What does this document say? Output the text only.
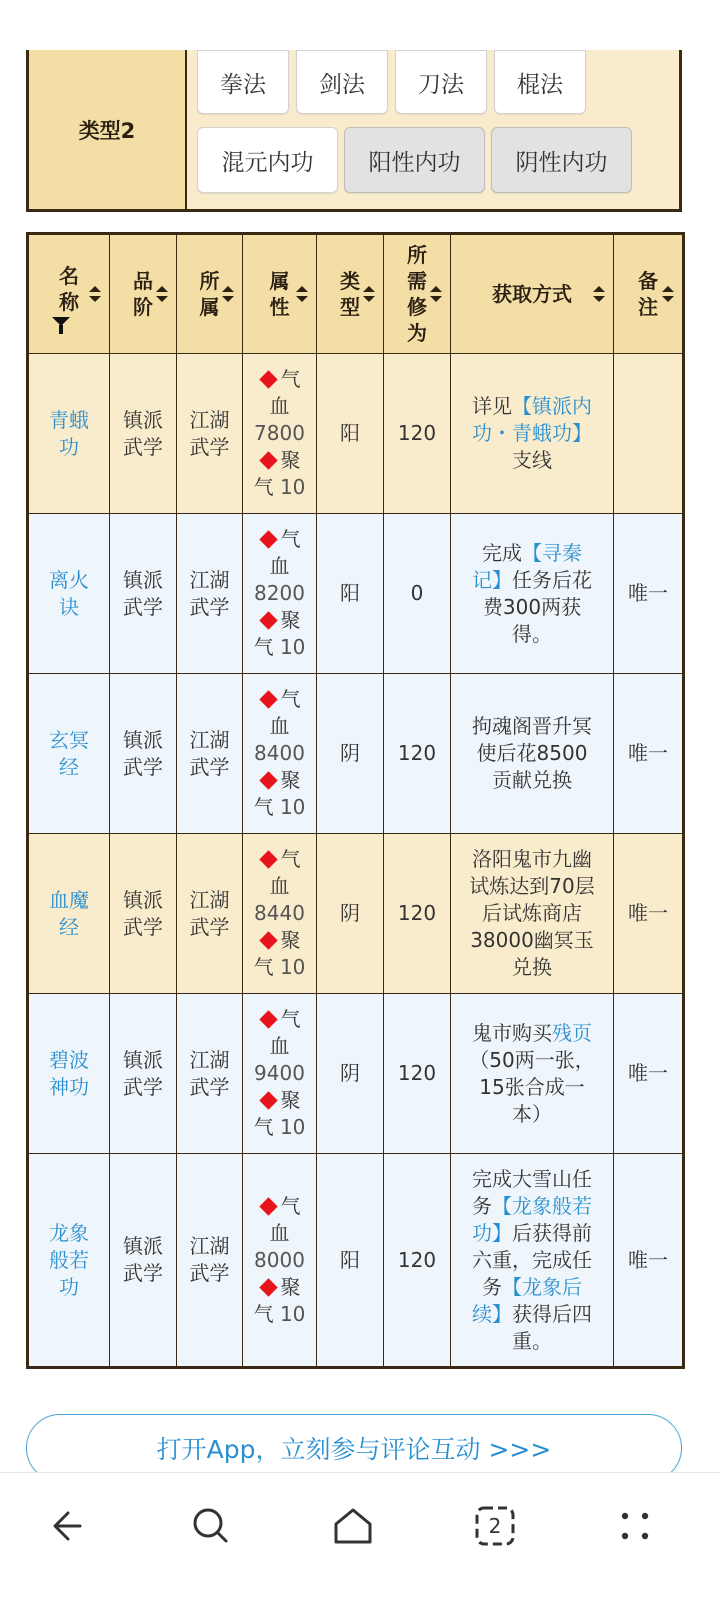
类型2
拳法	剑法	刀法	棍法
混元内功	阳性内功	阴性内功
名称	品阶	所属	属性	类型	所需修为	获取方式	备注

青蛾功	镇派武学	江湖武学	气血7800聚气 10	阳	120	详见【镇派内功・青蛾功】支线	
离火诀	镇派武学	江湖武学	气血8200聚气 10	阳	0	完成【寻秦记】任务后花费300两获得。	唯一
玄冥经	镇派武学	江湖武学	气血8400聚气 10	阴	120	拘魂阁晋升冥使后花8500贡献兑换	唯一
血魔经	镇派武学	江湖武学	气血8440聚气 10	阴	120	洛阳鬼市九幽试炼达到70层后试炼商店38000幽冥玉兑换	唯一
碧波神功	镇派武学	江湖武学	气血9400聚气 10	阴	120	鬼市购买残页（50两一张，15张合成一本）	唯一
龙象般若功	镇派武学	江湖武学	气血8000聚气 10	阳	120	完成大雪山任务【龙象般若功】后获得前六重，完成任务【龙象后续】获得后四重。	唯一
打开App，立刻参与评论互动 >>>
2
